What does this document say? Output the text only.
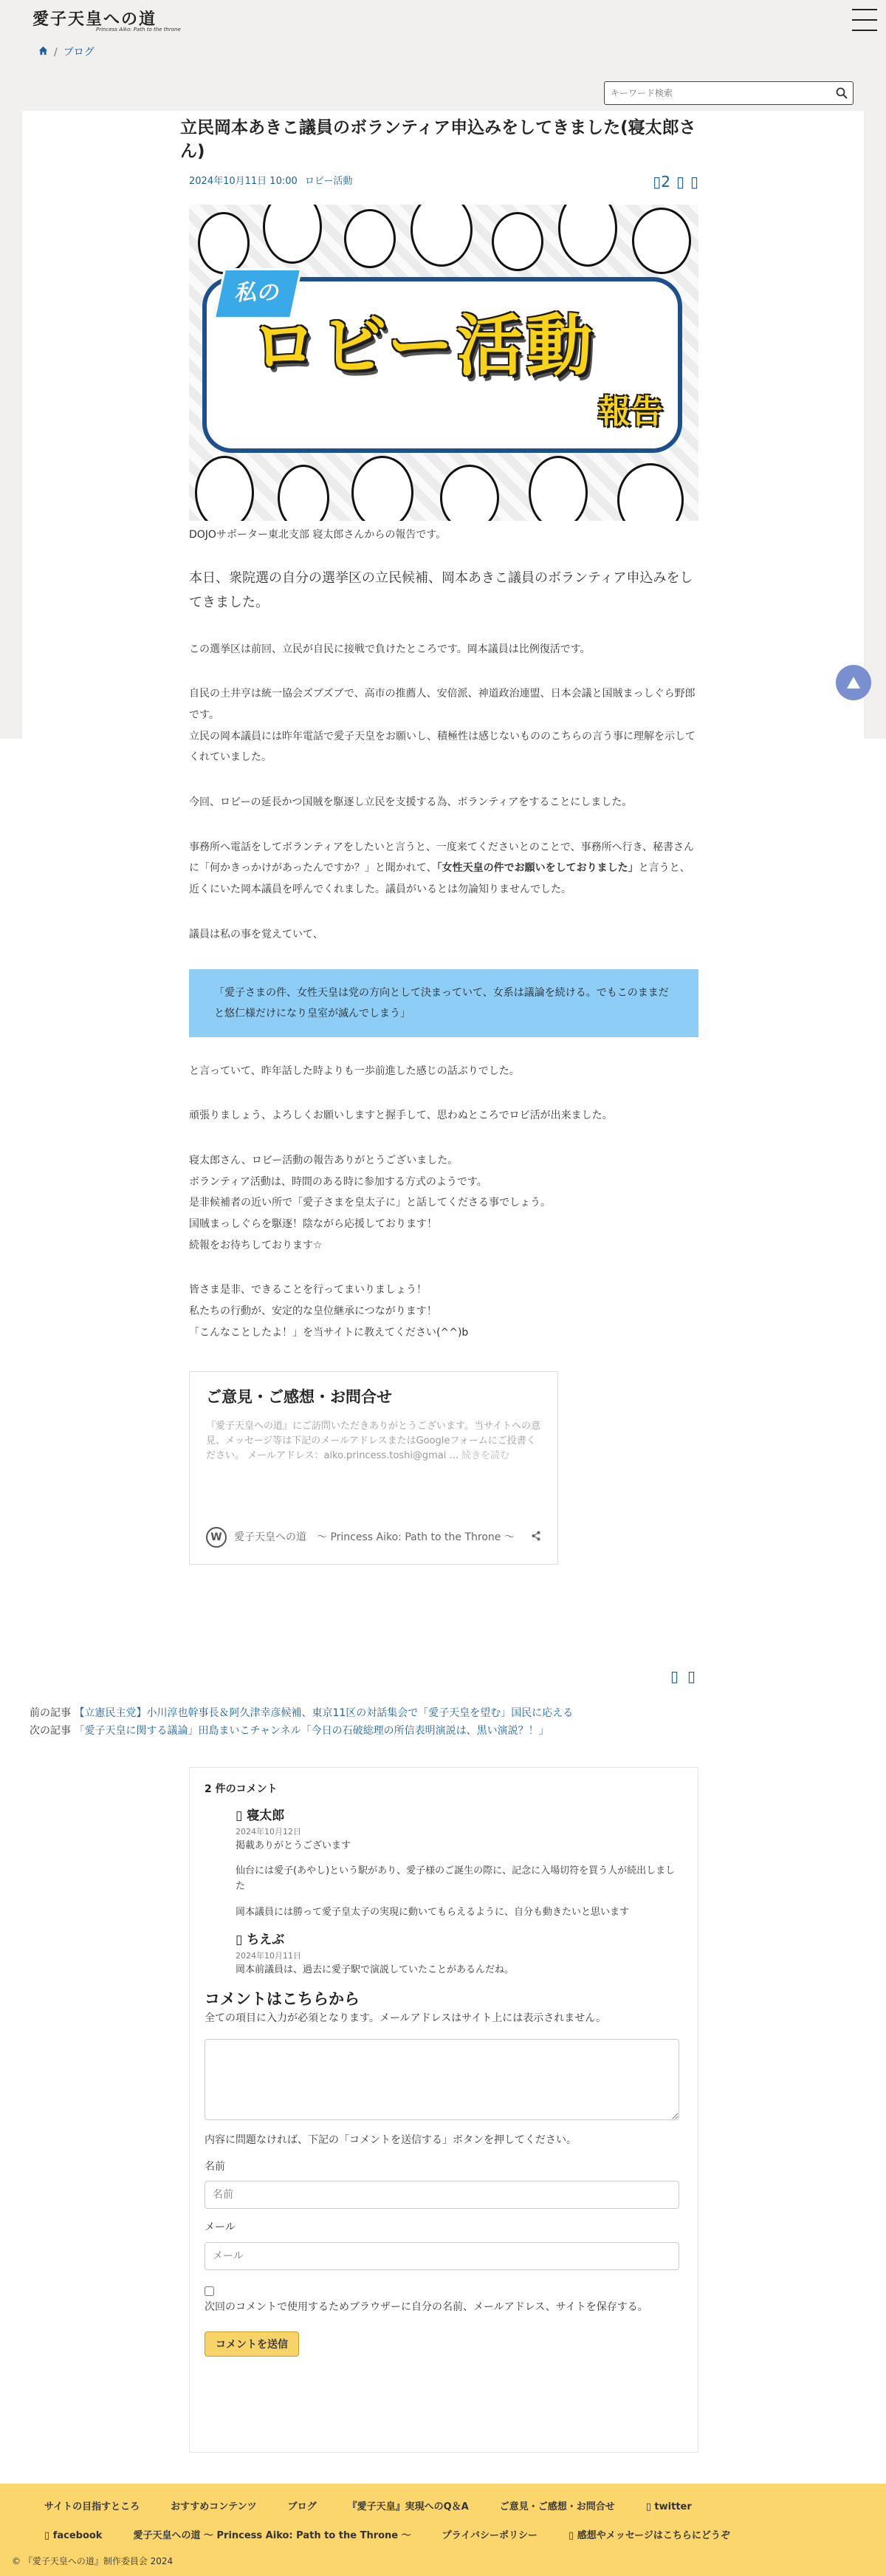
愛子天皇への道
Princess Aiko: Path to the throne
/ ブログ
キーワード検索
立民岡本あきこ議員のボランティア申込みをしてきました(寝太郎さん)
2024年10月11日 10:00 ロビー活動	▯2 ▯ ▯
私の
ロビー活動
報告

DOJOサポーター東北支部 寝太郎さんからの報告です。

本日、衆院選の自分の選挙区の立民候補、岡本あきこ議員のボランティア申込みをしてきました。

この選挙区は前回、立民が自民に接戦で負けたところです。岡本議員は比例復活です。

自民の土井亨は統一協会ズブズブで、高市の推薦人、安倍派、神道政治連盟、日本会議と国賊まっしぐら野郎です。

立民の岡本議員には昨年電話で愛子天皇をお願いし、積極性は感じないもののこちらの言う事に理解を示してくれていました。

今回、ロビーの延長かつ国賊を駆逐し立民を支援する為、ボランティアをすることにしました。

事務所へ電話をしてボランティアをしたいと言うと、一度来てくださいとのことで、事務所へ行き、秘書さんに「何かきっかけがあったんですか？」と聞かれて、「女性天皇の件でお願いをしておりました」と言うと、近くにいた岡本議員を呼んでくれました。議員がいるとは勿論知りませんでした。

議員は私の事を覚えていて、

「愛子さまの件、女性天皇は党の方向として決まっていて、女系は議論を続ける。でもこのままだと悠仁様だけになり皇室が滅んでしまう」

と言っていて、昨年話した時よりも一歩前進した感じの話ぶりでした。

頑張りましょう、よろしくお願いしますと握手して、思わぬところでロビ活が出来ました。

寝太郎さん、ロビー活動の報告ありがとうございました。

ボランティア活動は、時間のある時に参加する方式のようです。

是非候補者の近い所で「愛子さまを皇太子に」と話してくださる事でしょう。

国賊まっしぐらを駆逐！陰ながら応援しております！

続報をお待ちしております☆

皆さま是非、できることを行ってまいりましょう！

私たちの行動が、安定的な皇位継承につながります！

「こんなことしたよ！」を当サイトに教えてください(^^)b

ご意見・ご感想・お問合せ

『愛子天皇への道』にご訪問いただきありがとうございます。当サイトへの意見、メッセージ等は下記のメールアドレスまたはGoogleフォームにご投書ください。 メールアドレス：aiko.princess.toshi@gmai ... 続きを読む

W	愛子天皇への道　〜 Princess Aiko: Path to the Throne 〜
▯ ▯

前の記事 【立憲民主党】小川淳也幹事長＆阿久津幸彦候補、東京11区の対話集会で「愛子天皇を望む」国民に応える

次の記事 「愛子天皇に関する議論」田島まいこチャンネル「今日の石破総理の所信表明演説は、黒い演説？！」

2 件のコメント
▯ 寝太郎
2024年10月12日

掲載ありがとうございます

仙台には愛子(あやし)という駅があり、愛子様のご誕生の際に、記念に入場切符を買う人が続出しました

岡本議員には勝って愛子皇太子の実現に動いてもらえるように、自分も動きたいと思います

▯ ちえぶ
2024年10月11日

岡本前議員は、過去に愛子駅で演説していたことがあるんだね。

コメントはこちらから

全ての項目に入力が必須となります。メールアドレスはサイト上には表示されません。

内容に問題なければ、下記の「コメントを送信する」ボタンを押してください。

名前

名前

メール

メール
次回のコメントで使用するためブラウザーに自分の名前、メールアドレス、サイトを保存する。
コメントを送信
サイトの目指すところ	おすすめコンテンツ	ブログ	『愛子天皇』実現へのQ＆A	ご意見・ご感想・お問合せ	▯ twitter
▯ facebook	愛子天皇への道 〜 Princess Aiko: Path to the Throne 〜	プライバシーポリシー	▯ 感想やメッセージはこちらにどうぞ
© 『愛子天皇への道』制作委員会 2024
